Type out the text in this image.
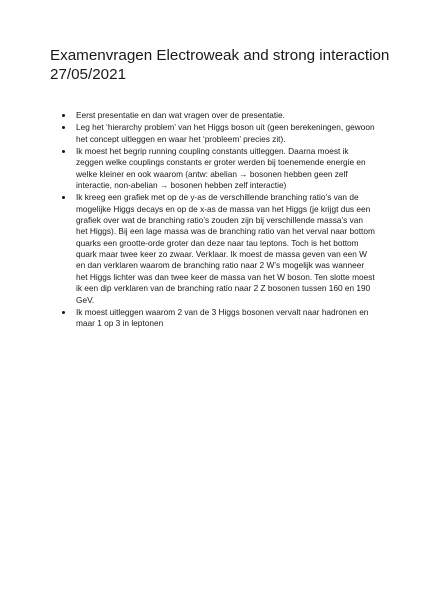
Examenvragen Electroweak and strong interaction
27/05/2021
Eerst presentatie en dan wat vragen over de presentatie.
Leg het ‘hierarchy problem’ van het Higgs boson uit (geen berekeningen, gewoon het concept uitleggen en waar het ‘probleem’ precies zit).
Ik moest het begrip running coupling constants uitleggen. Daarna moest ik zeggen welke couplings constants er groter werden bij toenemende energie en welke kleiner en ook waarom (antw: abelian → bosonen hebben geen zelf interactie, non-abelian → bosonen hebben zelf interactie)
Ik kreeg een grafiek met op de y-as de verschillende branching ratio’s van de mogelijke Higgs decays en op de x-as de massa van het Higgs (je krijgt dus een grafiek over wat de branching ratio’s zouden zijn bij verschillende massa’s van het Higgs). Bij een lage massa was de branching ratio van het verval naar bottom quarks een grootte-orde groter dan deze naar tau leptons. Toch is het bottom quark maar twee keer zo zwaar. Verklaar. Ik moest de massa geven van een W en dan verklaren waarom de branching ratio naar 2 W’s mogelijk was wanneer het Higgs lichter was dan twee keer de massa van het W boson. Ten slotte moest ik een dip verklaren van de branching ratio naar 2 Z bosonen tussen 160 en 190 GeV.
Ik moest uitleggen waarom 2 van de 3 Higgs bosonen vervalt naar hadronen en maar 1 op 3 in leptonen
